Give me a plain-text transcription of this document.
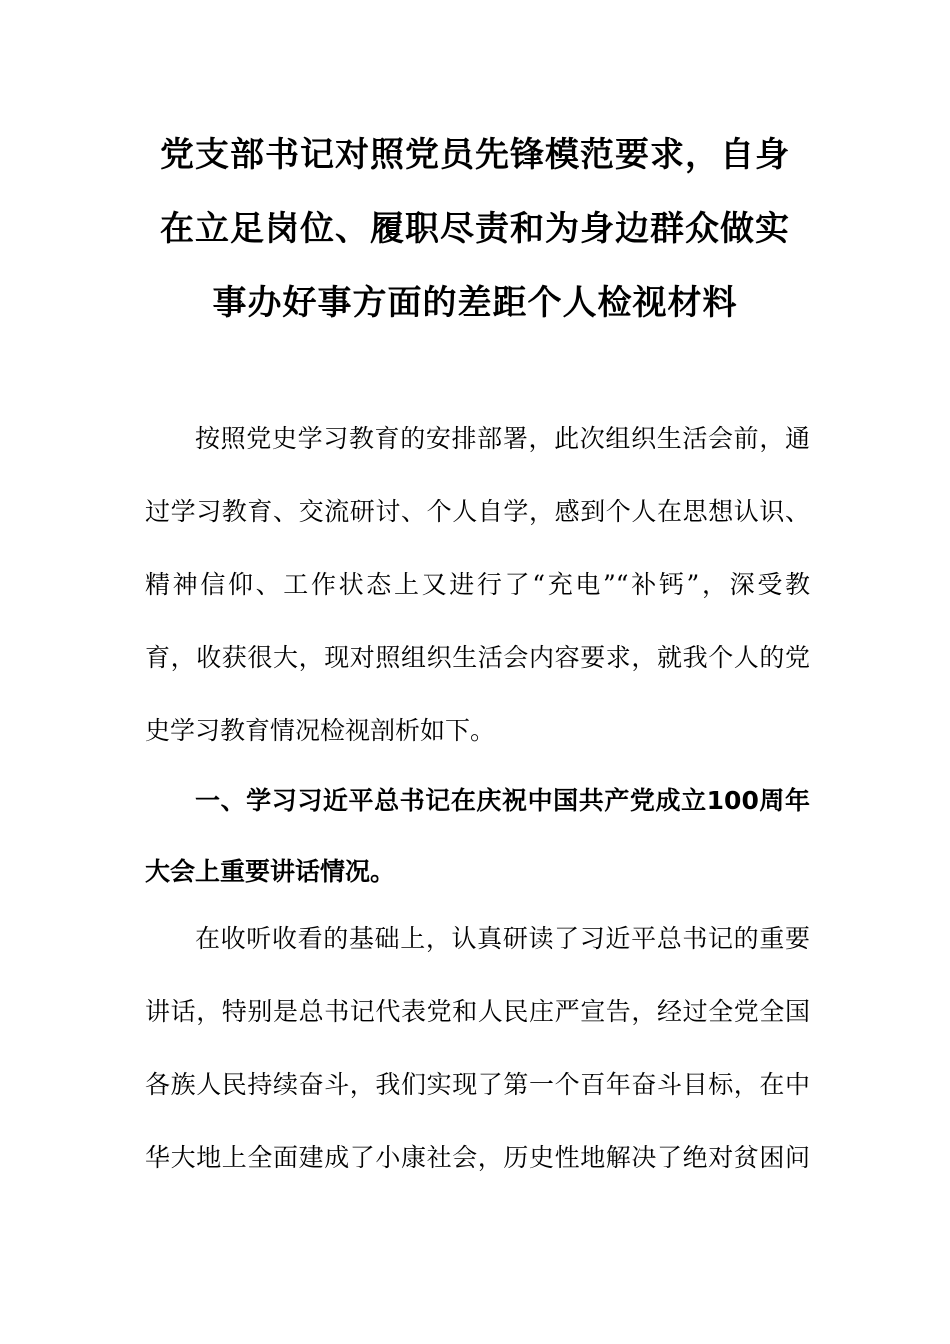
党支部书记对照党员先锋模范要求，自身
在立足岗位、履职尽责和为身边群众做实
事办好事方面的差距个人检视材料
按照党史学习教育的安排部署，此次组织生活会前，通
过学习教育、交流研讨、个人自学，感到个人在思想认识、
精神信仰、工作状态上又进行了“充电”“补钙”，深受教
育，收获很大，现对照组织生活会内容要求，就我个人的党
史学习教育情况检视剖析如下。
一、学习习近平总书记在庆祝中国共产党成立100周年
大会上重要讲话情况。
在收听收看的基础上，认真研读了习近平总书记的重要
讲话，特别是总书记代表党和人民庄严宣告，经过全党全国
各族人民持续奋斗，我们实现了第一个百年奋斗目标，在中
华大地上全面建成了小康社会，历史性地解决了绝对贫困问
